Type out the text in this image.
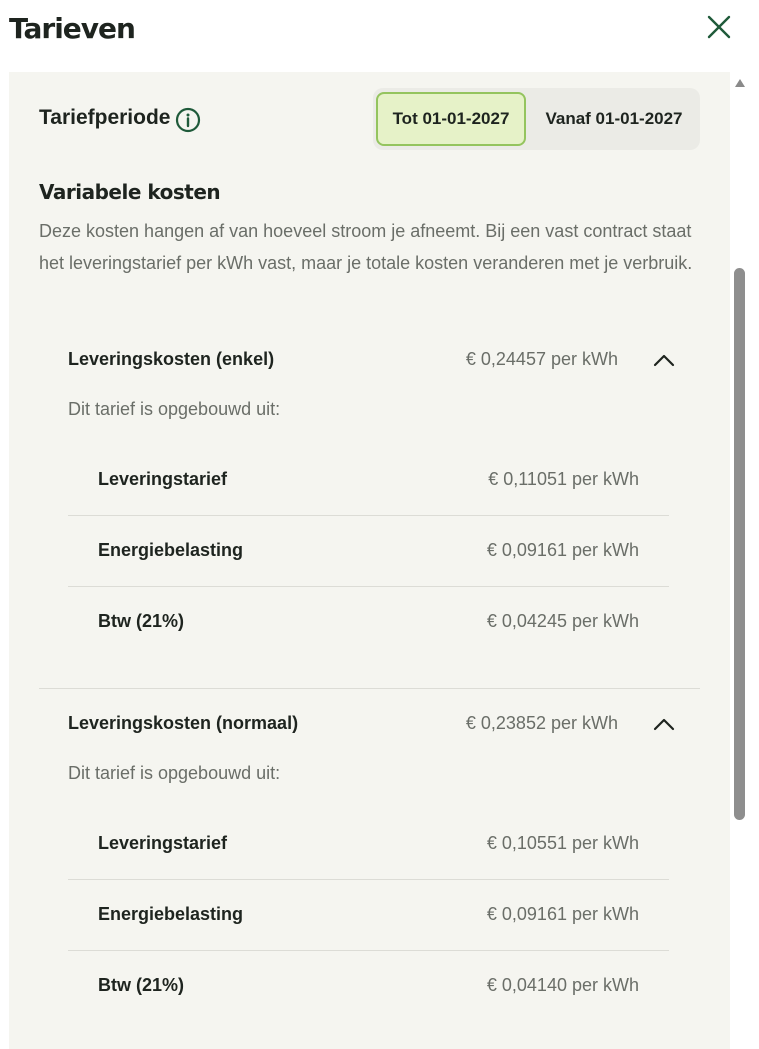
Tarieven
Tariefperiode	Tot 01-01-2027	Vanaf 01-01-2027
Variabele kosten
Deze kosten hangen af van hoeveel stroom je afneemt. Bij een vast contract staat het leveringstarief per kWh vast, maar je totale kosten veranderen met je verbruik.
Leveringskosten (enkel)	€ 0,24457 per kWh
Dit tarief is opgebouwd uit:
Leveringstarief	€ 0,11051 per kWh
Energiebelasting	€ 0,09161 per kWh
Btw (21%)	€ 0,04245 per kWh
Leveringskosten (normaal)	€ 0,23852 per kWh
Dit tarief is opgebouwd uit:
Leveringstarief	€ 0,10551 per kWh
Energiebelasting	€ 0,09161 per kWh
Btw (21%)	€ 0,04140 per kWh
